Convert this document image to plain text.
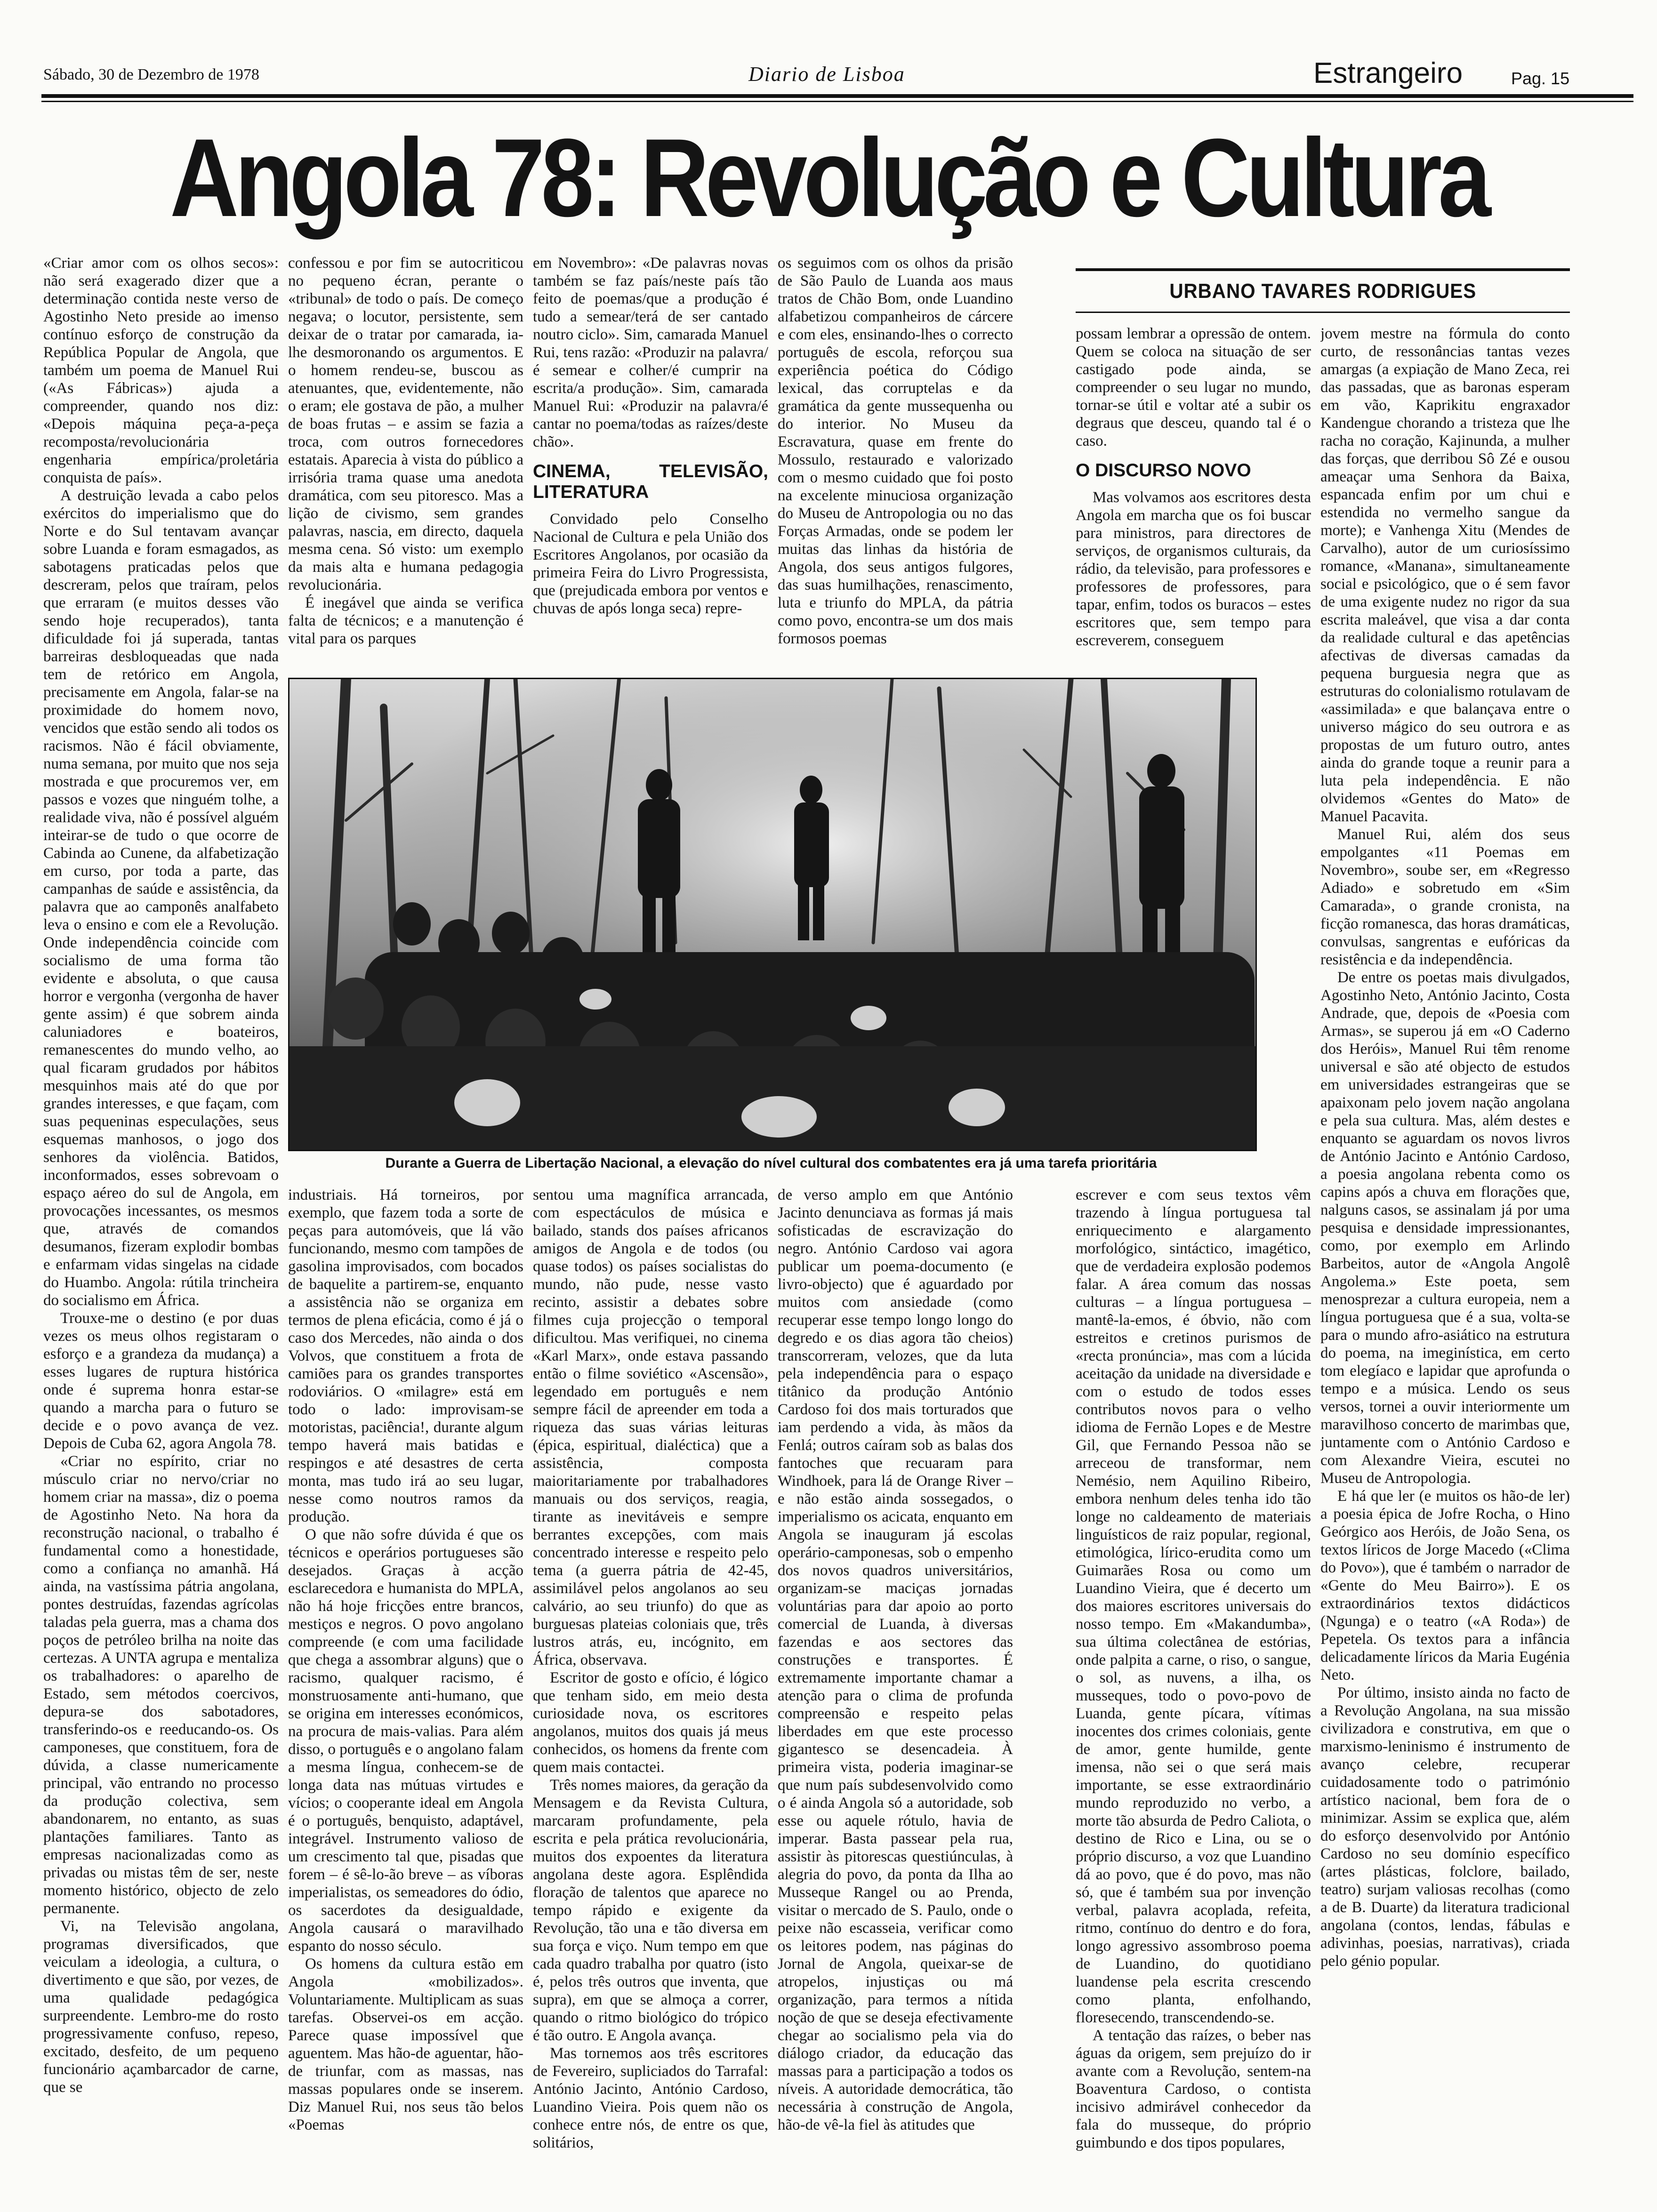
Sábado, 30 de Dezembro de 1978	Diario de Lisboa	Estrangeiro	Pag. 15
Angola 78: Revolução e Cultura
URBANO TAVARES RODRIGUES

«Criar amor com os olhos secos»: não será exagerado dizer que a determinação contida neste verso de Agostinho Neto preside ao imenso contínuo esforço de construção da República Popular de Angola, que também um poema de Manuel Rui («As Fábricas») ajuda a compreender, quando nos diz: «Depois máquina peça-a-peça recomposta/revolucionária engenharia empírica/proletária conquista de país».

A destruição levada a cabo pelos exércitos do imperialismo que do Norte e do Sul tentavam avançar sobre Luanda e foram esmagados, as sabotagens praticadas pelos que descreram, pelos que traíram, pelos que erraram (e muitos desses vão sendo hoje recuperados), tanta dificuldade foi já superada, tantas barreiras desbloqueadas que nada tem de retórico em Angola, precisamente em Angola, falar-se na proximidade do homem novo, vencidos que estão sendo ali todos os racismos. Não é fácil obviamente, numa semana, por muito que nos seja mostrada e que procuremos ver, em passos e vozes que ninguém tolhe, a realidade viva, não é possível alguém inteirar-se de tudo o que ocorre de Cabinda ao Cunene, da alfabetização em curso, por toda a parte, das campanhas de saúde e assistência, da palavra que ao camponês analfabeto leva o ensino e com ele a Revolução. Onde independência coincide com socialismo de uma forma tão evidente e absoluta, o que causa horror e vergonha (vergonha de haver gente assim) é que sobrem ainda caluniadores e boateiros, remanescentes do mundo velho, ao qual ficaram grudados por hábitos mesquinhos mais até do que por grandes interesses, e que façam, com suas pequeninas especulações, seus esquemas manhosos, o jogo dos senhores da violência. Batidos, inconformados, esses sobrevoam o espaço aéreo do sul de Angola, em provocações incessantes, os mesmos que, através de comandos desumanos, fizeram explodir bombas e enfarmam vidas singelas na cidade do Huambo. Angola: rútila trincheira do socialismo em África.

Trouxe-me o destino (e por duas vezes os meus olhos registaram o esforço e a grandeza da mudança) a esses lugares de ruptura histórica onde é suprema honra estar-se quando a marcha para o futuro se decide e o povo avança de vez. Depois de Cuba 62, agora Angola 78.

«Criar no espírito, criar no músculo criar no nervo/criar no homem criar na massa», diz o poema de Agostinho Neto. Na hora da reconstrução nacional, o trabalho é fundamental como a honestidade, como a confiança no amanhã. Há ainda, na vastíssima pátria angolana, pontes destruídas, fazendas agrícolas taladas pela guerra, mas a chama dos poços de petróleo brilha na noite das certezas. A UNTA agrupa e mentaliza os trabalhadores: o aparelho de Estado, sem métodos coercivos, depura-se dos sabotadores, transferindo-os e reeducando-os. Os camponeses, que constituem, fora de dúvida, a classe numericamente principal, vão entrando no processo da produção colectiva, sem abandonarem, no entanto, as suas plantações familiares. Tanto as empresas nacionalizadas como as privadas ou mistas têm de ser, neste momento histórico, objecto de zelo permanente.

Vi, na Televisão angolana, programas diversificados, que veiculam a ideologia, a cultura, o divertimento e que são, por vezes, de uma qualidade pedagógica surpreendente. Lembro-me do rosto progressivamente confuso, repeso, excitado, desfeito, de um pequeno funcionário açambarcador de carne, que se

confessou e por fim se autocriticou no pequeno écran, perante o «tribunal» de todo o país. De começo negava; o locutor, persistente, sem deixar de o tratar por camarada, ia-lhe desmoronando os argumentos. E o homem rendeu-se, buscou as atenuantes, que, evidentemente, não o eram; ele gostava de pão, a mulher de boas frutas – e assim se fazia a troca, com outros fornecedores estatais. Aparecia à vista do público a irrisória trama quase uma anedota dramática, com seu pitoresco. Mas a lição de civismo, sem grandes palavras, nascia, em directo, daquela mesma cena. Só visto: um exemplo da mais alta e humana pedagogia revolucionária.

É inegável que ainda se verifica falta de técnicos; e a manutenção é vital para os parques

em Novembro»: «De palavras novas também se faz país/neste país tão feito de poemas/que a produção é tudo a semear/terá de ser cantado noutro ciclo». Sim, camarada Manuel Rui, tens razão: «Produzir na palavra/é semear e colher/é cumprir na escrita/a produção». Sim, camarada Manuel Rui: «Produzir na palavra/é cantar no poema/todas as raízes/deste chão».

CINEMA, TELEVISÃO, LITERATURA

Convidado pelo Conselho Nacional de Cultura e pela União dos Escritores Angolanos, por ocasião da primeira Feira do Livro Progressista, que (prejudicada embora por ventos e chuvas de após longa seca) repre-

os seguimos com os olhos da prisão de São Paulo de Luanda aos maus tratos de Chão Bom, onde Luandino alfabetizou companheiros de cárcere e com eles, ensinando-lhes o correcto português de escola, reforçou sua experiência poética do Código lexical, das corruptelas e da gramática da gente mussequenha ou do interior. No Museu da Escravatura, quase em frente do Mossulo, restaurado e valorizado com o mesmo cuidado que foi posto na excelente minuciosa organização do Museu de Antropologia ou no das Forças Armadas, onde se podem ler muitas das linhas da história de Angola, dos seus antigos fulgores, das suas humilhações, renascimento, luta e triunfo do MPLA, da pátria como povo, encontra-se um dos mais formosos poemas

possam lembrar a opressão de ontem. Quem se coloca na situação de ser castigado pode ainda, se compreender o seu lugar no mundo, tornar-se útil e voltar até a subir os degraus que desceu, quando tal é o caso.

O DISCURSO NOVO

Mas volvamos aos escritores desta Angola em marcha que os foi buscar para ministros, para directores de serviços, de organismos culturais, da rádio, da televisão, para professores e professores de professores, para tapar, enfim, todos os buracos – estes escritores que, sem tempo para escreverem, conseguem

jovem mestre na fórmula do conto curto, de ressonâncias tantas vezes amargas (a expiação de Mano Zeca, rei das passadas, que as baronas esperam em vão, Kaprikitu engraxador Kandengue chorando a tristeza que lhe racha no coração, Kajinunda, a mulher das forças, que derribou Sô Zé e ousou ameaçar uma Senhora da Baixa, espancada enfim por um chui e estendida no vermelho sangue da morte); e Vanhenga Xitu (Mendes de Carvalho), autor de um curiosíssimo romance, «Manana», simultaneamente social e psicológico, que o é sem favor de uma exigente nudez no rigor da sua escrita maleável, que visa a dar conta da realidade cultural e das apetências afectivas de diversas camadas da pequena burguesia negra que as estruturas do colonialismo rotulavam de «assimilada» e que balançava entre o universo mágico do seu outrora e as propostas de um futuro outro, antes ainda do grande toque a reunir para a luta pela independência. E não olvidemos «Gentes do Mato» de Manuel Pacavita.

Manuel Rui, além dos seus empolgantes «11 Poemas em Novembro», soube ser, em «Regresso Adiado» e sobretudo em «Sim Camarada», o grande cronista, na ficção romanesca, das horas dramáticas, convulsas, sangrentas e eufóricas da resistência e da independência.

De entre os poetas mais divulgados, Agostinho Neto, António Jacinto, Costa Andrade, que, depois de «Poesia com Armas», se superou já em «O Caderno dos Heróis», Manuel Rui têm renome universal e são até objecto de estudos em universidades estrangeiras que se apaixonam pelo jovem nação angolana e pela sua cultura. Mas, além destes e enquanto se aguardam os novos livros de António Jacinto e António Cardoso, a poesia angolana rebenta como os capins após a chuva em florações que, nalguns casos, se assinalam já por uma pesquisa e densidade impressionantes, como, por exemplo em Arlindo Barbeitos, autor de «Angola Angolê Angolema.» Este poeta, sem menosprezar a cultura europeia, nem a língua portuguesa que é a sua, volta-se para o mundo afro-asiático na estrutura do poema, na imeginística, em certo tom elegíaco e lapidar que aprofunda o tempo e a música. Lendo os seus versos, tornei a ouvir interiormente um maravilhoso concerto de marimbas que, juntamente com o António Cardoso e com Alexandre Vieira, escutei no Museu de Antropologia.

E há que ler (e muitos os hão-de ler) a poesia épica de Jofre Rocha, o Hino Geórgico aos Heróis, de João Sena, os textos líricos de Jorge Macedo («Clima do Povo»), que é também o narrador de «Gente do Meu Bairro»). E os extraordinários textos didácticos (Ngunga) e o teatro («A Roda») de Pepetela. Os textos para a infância delicadamente líricos da Maria Eugénia Neto.

Por último, insisto ainda no facto de a Revolução Angolana, na sua missão civilizadora e construtiva, em que o marxismo-leninismo é instrumento de avanço celebre, recuperar cuidadosamente todo o património artístico nacional, bem fora de o minimizar. Assim se explica que, além do esforço desenvolvido por António Cardoso no seu domínio específico (artes plásticas, folclore, bailado, teatro) surjam valiosas recolhas (como a de B. Duarte) da literatura tradicional angolana (contos, lendas, fábulas e adivinhas, poesias, narrativas), criada pelo génio popular.

Durante a Guerra de Libertação Nacional, a elevação do nível cultural dos combatentes era já uma tarefa prioritária

industriais. Há torneiros, por exemplo, que fazem toda a sorte de peças para automóveis, que lá vão funcionando, mesmo com tampões de gasolina improvisados, com bocados de baquelite a partirem-se, enquanto a assistência não se organiza em termos de plena eficácia, como é já o caso dos Mercedes, não ainda o dos Volvos, que constituem a frota de camiões para os grandes transportes rodoviários. O «milagre» está em todo o lado: improvisam-se motoristas, paciência!, durante algum tempo haverá mais batidas e respingos e até desastres de certa monta, mas tudo irá ao seu lugar, nesse como noutros ramos da produção.

O que não sofre dúvida é que os técnicos e operários portugueses são desejados. Graças à acção esclarecedora e humanista do MPLA, não há hoje fricções entre brancos, mestiços e negros. O povo angolano compreende (e com uma facilidade que chega a assombrar alguns) que o racismo, qualquer racismo, é monstruosamente anti-humano, que se origina em interesses económicos, na procura de mais-valias. Para além disso, o português e o angolano falam a mesma língua, conhecem-se de longa data nas mútuas virtudes e vícios; o cooperante ideal em Angola é o português, benquisto, adaptável, integrável. Instrumento valioso de um crescimento tal que, pisadas que forem – é sê-lo-ão breve – as víboras imperialistas, os semeadores do ódio, os sacerdotes da desigualdade, Angola causará o maravilhado espanto do nosso século.

Os homens da cultura estão em Angola «mobilizados». Voluntariamente. Multiplicam as suas tarefas. Observei-os em acção. Parece quase impossível que aguentem. Mas hão-de aguentar, hão-de triunfar, com as massas, nas massas populares onde se inserem. Diz Manuel Rui, nos seus tão belos «Poemas

sentou uma magnífica arrancada, com espectáculos de música e bailado, stands dos países africanos amigos de Angola e de todos (ou quase todos) os países socialistas do mundo, não pude, nesse vasto recinto, assistir a debates sobre filmes cuja projecção o temporal dificultou. Mas verifiquei, no cinema «Karl Marx», onde estava passando então o filme soviético «Ascensão», legendado em português e nem sempre fácil de apreender em toda a riqueza das suas várias leituras (épica, espiritual, dialéctica) que a assistência, composta maioritariamente por trabalhadores manuais ou dos serviços, reagia, tirante as inevitáveis e sempre berrantes excepções, com mais concentrado interesse e respeito pelo tema (a guerra pátria de 42-45, assimilável pelos angolanos ao seu calvário, ao seu triunfo) do que as burguesas plateias coloniais que, três lustros atrás, eu, incógnito, em África, observava.

Escritor de gosto e ofício, é lógico que tenham sido, em meio desta curiosidade nova, os escritores angolanos, muitos dos quais já meus conhecidos, os homens da frente com quem mais contactei.

Três nomes maiores, da geração da Mensagem e da Revista Cultura, marcaram profundamente, pela escrita e pela prática revolucionária, muitos dos expoentes da literatura angolana deste agora. Esplêndida floração de talentos que aparece no tempo rápido e exigente da Revolução, tão una e tão diversa em sua força e viço. Num tempo em que cada quadro trabalha por quatro (isto é, pelos três outros que inventa, que supra), em que se almoça a correr, quando o ritmo biológico do trópico é tão outro. E Angola avança.

Mas tornemos aos três escritores de Fevereiro, supliciados do Tarrafal: António Jacinto, António Cardoso, Luandino Vieira. Pois quem não os conhece entre nós, de entre os que, solitários,

de verso amplo em que António Jacinto denunciava as formas já mais sofisticadas de escravização do negro. António Cardoso vai agora publicar um poema-documento (e livro-objecto) que é aguardado por muitos com ansiedade (como recuperar esse tempo longo longo do degredo e os dias agora tão cheios) transcorreram, velozes, que da luta pela independência para o espaço titânico da produção António Cardoso foi dos mais torturados que iam perdendo a vida, às mãos da Fenlá; outros caíram sob as balas dos fantoches que recuaram para Windhoek, para lá de Orange River – e não estão ainda sossegados, o imperialismo os acicata, enquanto em Angola se inauguram já escolas operário-camponesas, sob o empenho dos novos quadros universitários, organizam-se maciças jornadas voluntárias para dar apoio ao porto comercial de Luanda, à diversas fazendas e aos sectores das construções e transportes. É extremamente importante chamar a atenção para o clima de profunda compreensão e respeito pelas liberdades em que este processo gigantesco se desencadeia. À primeira vista, poderia imaginar-se que num país subdesenvolvido como o é ainda Angola só a autoridade, sob esse ou aquele rótulo, havia de imperar. Basta passear pela rua, assistir às pitorescas questiúnculas, à alegria do povo, da ponta da Ilha ao Musseque Rangel ou ao Prenda, visitar o mercado de S. Paulo, onde o peixe não escasseia, verificar como os leitores podem, nas páginas do Jornal de Angola, queixar-se de atropelos, injustiças ou má organização, para termos a nítida noção de que se deseja efectivamente chegar ao socialismo pela via do diálogo criador, da educação das massas para a participação a todos os níveis. A autoridade democrática, tão necessária à construção de Angola, hão-de vê-la fiel às atitudes que

escrever e com seus textos vêm trazendo à língua portuguesa tal enriquecimento e alargamento morfológico, sintáctico, imagético, que de verdadeira explosão podemos falar. A área comum das nossas culturas – a língua portuguesa – mantê-la-emos, é óbvio, não com estreitos e cretinos purismos de «recta pronúncia», mas com a lúcida aceitação da unidade na diversidade e com o estudo de todos esses contributos novos para o velho idioma de Fernão Lopes e de Mestre Gil, que Fernando Pessoa não se arreceou de transformar, nem Nemésio, nem Aquilino Ribeiro, embora nenhum deles tenha ido tão longe no caldeamento de materiais linguísticos de raiz popular, regional, etimológica, lírico-erudita como um Guimarães Rosa ou como um Luandino Vieira, que é decerto um dos maiores escritores universais do nosso tempo. Em «Makandumba», sua última colectânea de estórias, onde palpita a carne, o riso, o sangue, o sol, as nuvens, a ilha, os musseques, todo o povo-povo de Luanda, gente pícara, vítimas inocentes dos crimes coloniais, gente de amor, gente humilde, gente imensa, não sei o que será mais importante, se esse extraordinário mundo reproduzido no verbo, a morte tão absurda de Pedro Caliota, o destino de Rico e Lina, ou se o próprio discurso, a voz que Luandino dá ao povo, que é do povo, mas não só, que é também sua por invenção verbal, palavra acoplada, refeita, ritmo, contínuo do dentro e do fora, longo agressivo assombroso poema de Luandino, do quotidiano luandense pela escrita crescendo como planta, enfolhando, floresecendo, transcendendo-se.

A tentação das raízes, o beber nas águas da origem, sem prejuízo do ir avante com a Revolução, sentem-na Boaventura Cardoso, o contista incisivo admirável conhecedor da fala do musseque, do próprio guimbundo e dos tipos populares,
